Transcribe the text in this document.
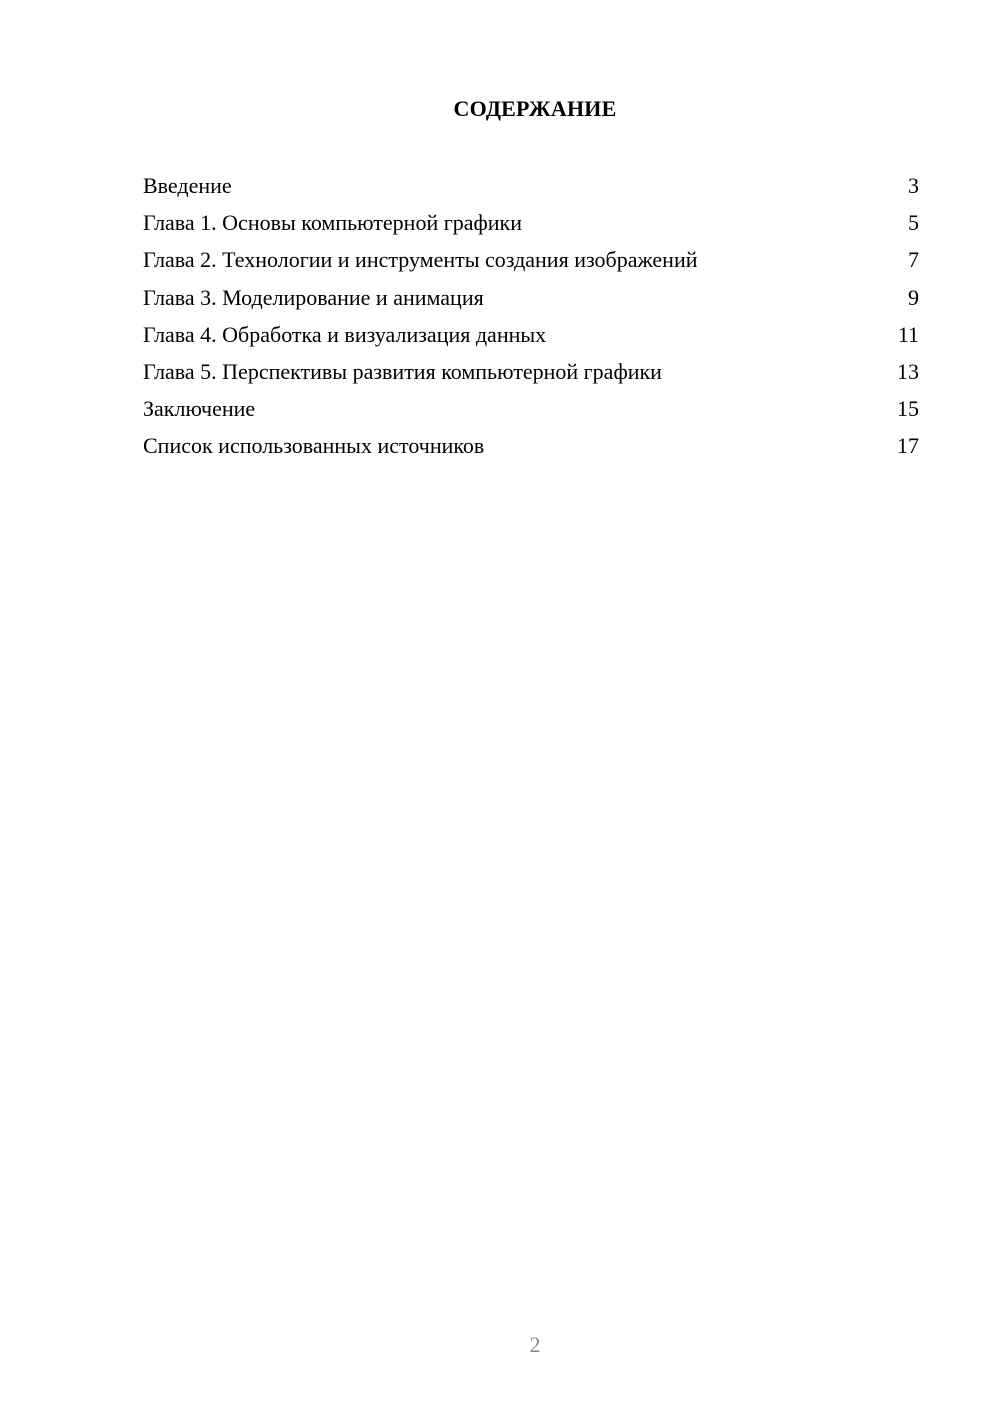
СОДЕРЖАНИЕ
Введение	3
Глава 1. Основы компьютерной графики	5
Глава 2. Технологии и инструменты создания изображений	7
Глава 3. Моделирование и анимация	9
Глава 4. Обработка и визуализация данных	11
Глава 5. Перспективы развития компьютерной графики	13
Заключение	15
Список использованных источников	17
2
